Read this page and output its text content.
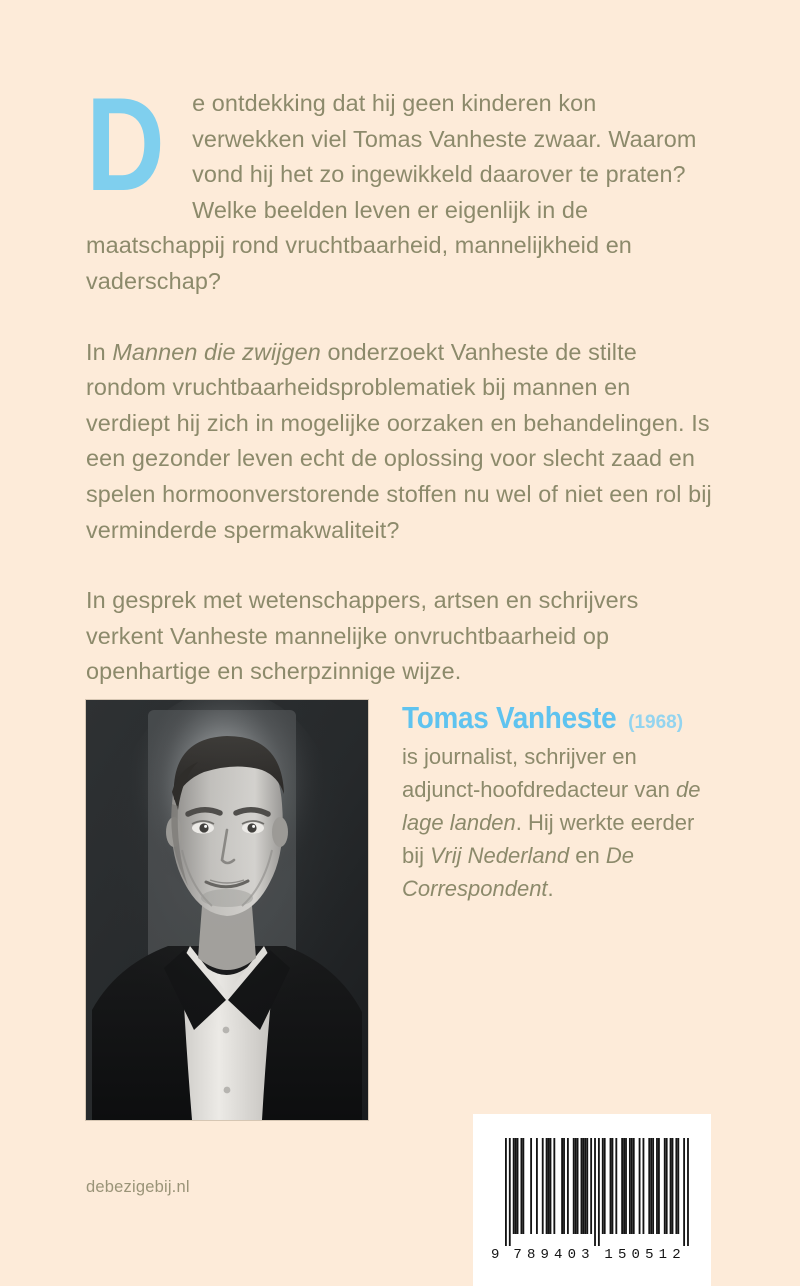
D e ontdekking dat hij geen kinderen kon verwekken viel Tomas Vanheste zwaar. Waarom vond hij het zo ingewikkeld daarover te praten? Welke beelden leven er eigenlijk in de maatschappij rond vruchtbaarheid, mannelijkheid en vaderschap?

In Mannen die zwijgen onderzoekt Vanheste de stilte rondom vruchtbaarheidsproblematiek bij mannen en verdiept hij zich in mogelijke oorzaken en behandelingen. Is een gezonder leven echt de oplossing voor slecht zaad en spelen hormoonverstorende stoffen nu wel of niet een rol bij verminderde spermakwaliteit?

In gesprek met wetenschappers, artsen en schrijvers verkent Vanheste mannelijke onvruchtbaarheid op openhartige en scherpzinnige wijze.

Tomas Vanheste (1968)
is journalist, schrijver en adjunct-hoofdredacteur van de lage landen. Hij werkte eerder bij Vrij Nederland en De Correspondent.
debezigebij.nl
9 7 8 9 4 0 3 1 5 0 5 1 2
